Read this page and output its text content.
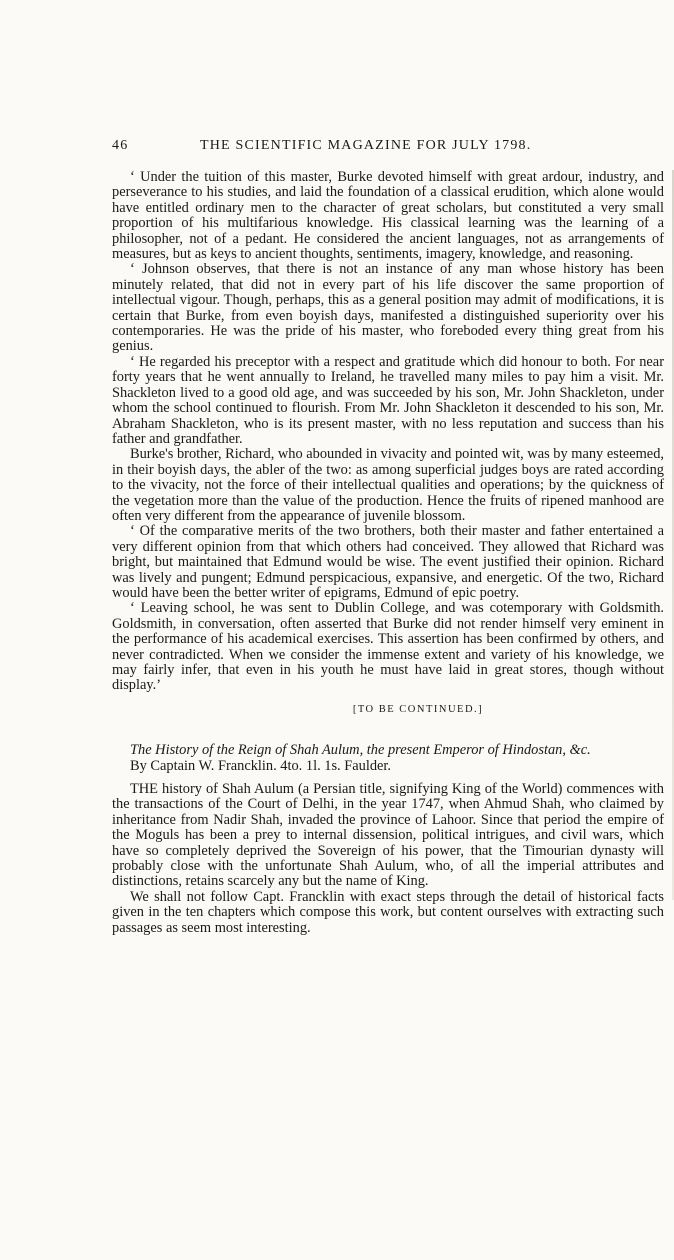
46	THE SCIENTIFIC MAGAZINE FOR JULY 1798.

‘ Under the tuition of this master, Burke devoted himself with great ardour, industry, and perseverance to his studies, and laid the foundation of a classical erudition, which alone would have entitled ordinary men to the character of great scholars, but constituted a very small proportion of his multifarious knowledge. His classical learning was the learning of a philosopher, not of a pedant. He considered the ancient languages, not as arrangements of measures, but as keys to ancient thoughts, sentiments, imagery, knowledge, and reasoning.

‘ Johnson observes, that there is not an instance of any man whose history has been minutely related, that did not in every part of his life discover the same proportion of intellectual vigour. Though, perhaps, this as a general position may admit of modifications, it is certain that Burke, from even boyish days, manifested a distinguished superiority over his contemporaries. He was the pride of his master, who foreboded every thing great from his genius.

‘ He regarded his preceptor with a respect and gratitude which did honour to both. For near forty years that he went annually to Ireland, he travelled many miles to pay him a visit. Mr. Shackleton lived to a good old age, and was succeeded by his son, Mr. John Shackleton, under whom the school continued to flourish. From Mr. John Shackleton it descended to his son, Mr. Abraham Shackleton, who is its present master, with no less reputation and success than his father and grandfather.

Burke's brother, Richard, who abounded in vivacity and pointed wit, was by many esteemed, in their boyish days, the abler of the two: as among superficial judges boys are rated according to the vivacity, not the force of their intellectual qualities and operations; by the quickness of the vegetation more than the value of the production. Hence the fruits of ripened manhood are often very different from the appearance of juvenile blossom.

‘ Of the comparative merits of the two brothers, both their master and father entertained a very different opinion from that which others had conceived. They allowed that Richard was bright, but maintained that Edmund would be wise. The event justified their opinion. Richard was lively and pungent; Edmund perspicacious, expansive, and energetic. Of the two, Richard would have been the better writer of epigrams, Edmund of epic poetry.

‘ Leaving school, he was sent to Dublin College, and was cotemporary with Goldsmith. Goldsmith, in conversation, often asserted that Burke did not render himself very eminent in the performance of his academical exercises. This assertion has been confirmed by others, and never contradicted. When we consider the immense extent and variety of his knowledge, we may fairly infer, that even in his youth he must have laid in great stores, though without display.’

[TO BE CONTINUED.]

The History of the Reign of Shah Aulum, the present Emperor of Hindostan, &c.
By Captain W. Francklin. 4to. 1l. 1s. Faulder.

THE history of Shah Aulum (a Persian title, signifying King of the World) commences with the transactions of the Court of Delhi, in the year 1747, when Ahmud Shah, who claimed by inheritance from Nadir Shah, invaded the province of Lahoor. Since that period the empire of the Moguls has been a prey to internal dissension, political intrigues, and civil wars, which have so completely deprived the Sovereign of his power, that the Timourian dynasty will probably close with the unfortunate Shah Aulum, who, of all the imperial attributes and distinctions, retains scarcely any but the name of King.

We shall not follow Capt. Francklin with exact steps through the detail of historical facts given in the ten chapters which compose this work, but content ourselves with extracting such passages as seem most interesting.
